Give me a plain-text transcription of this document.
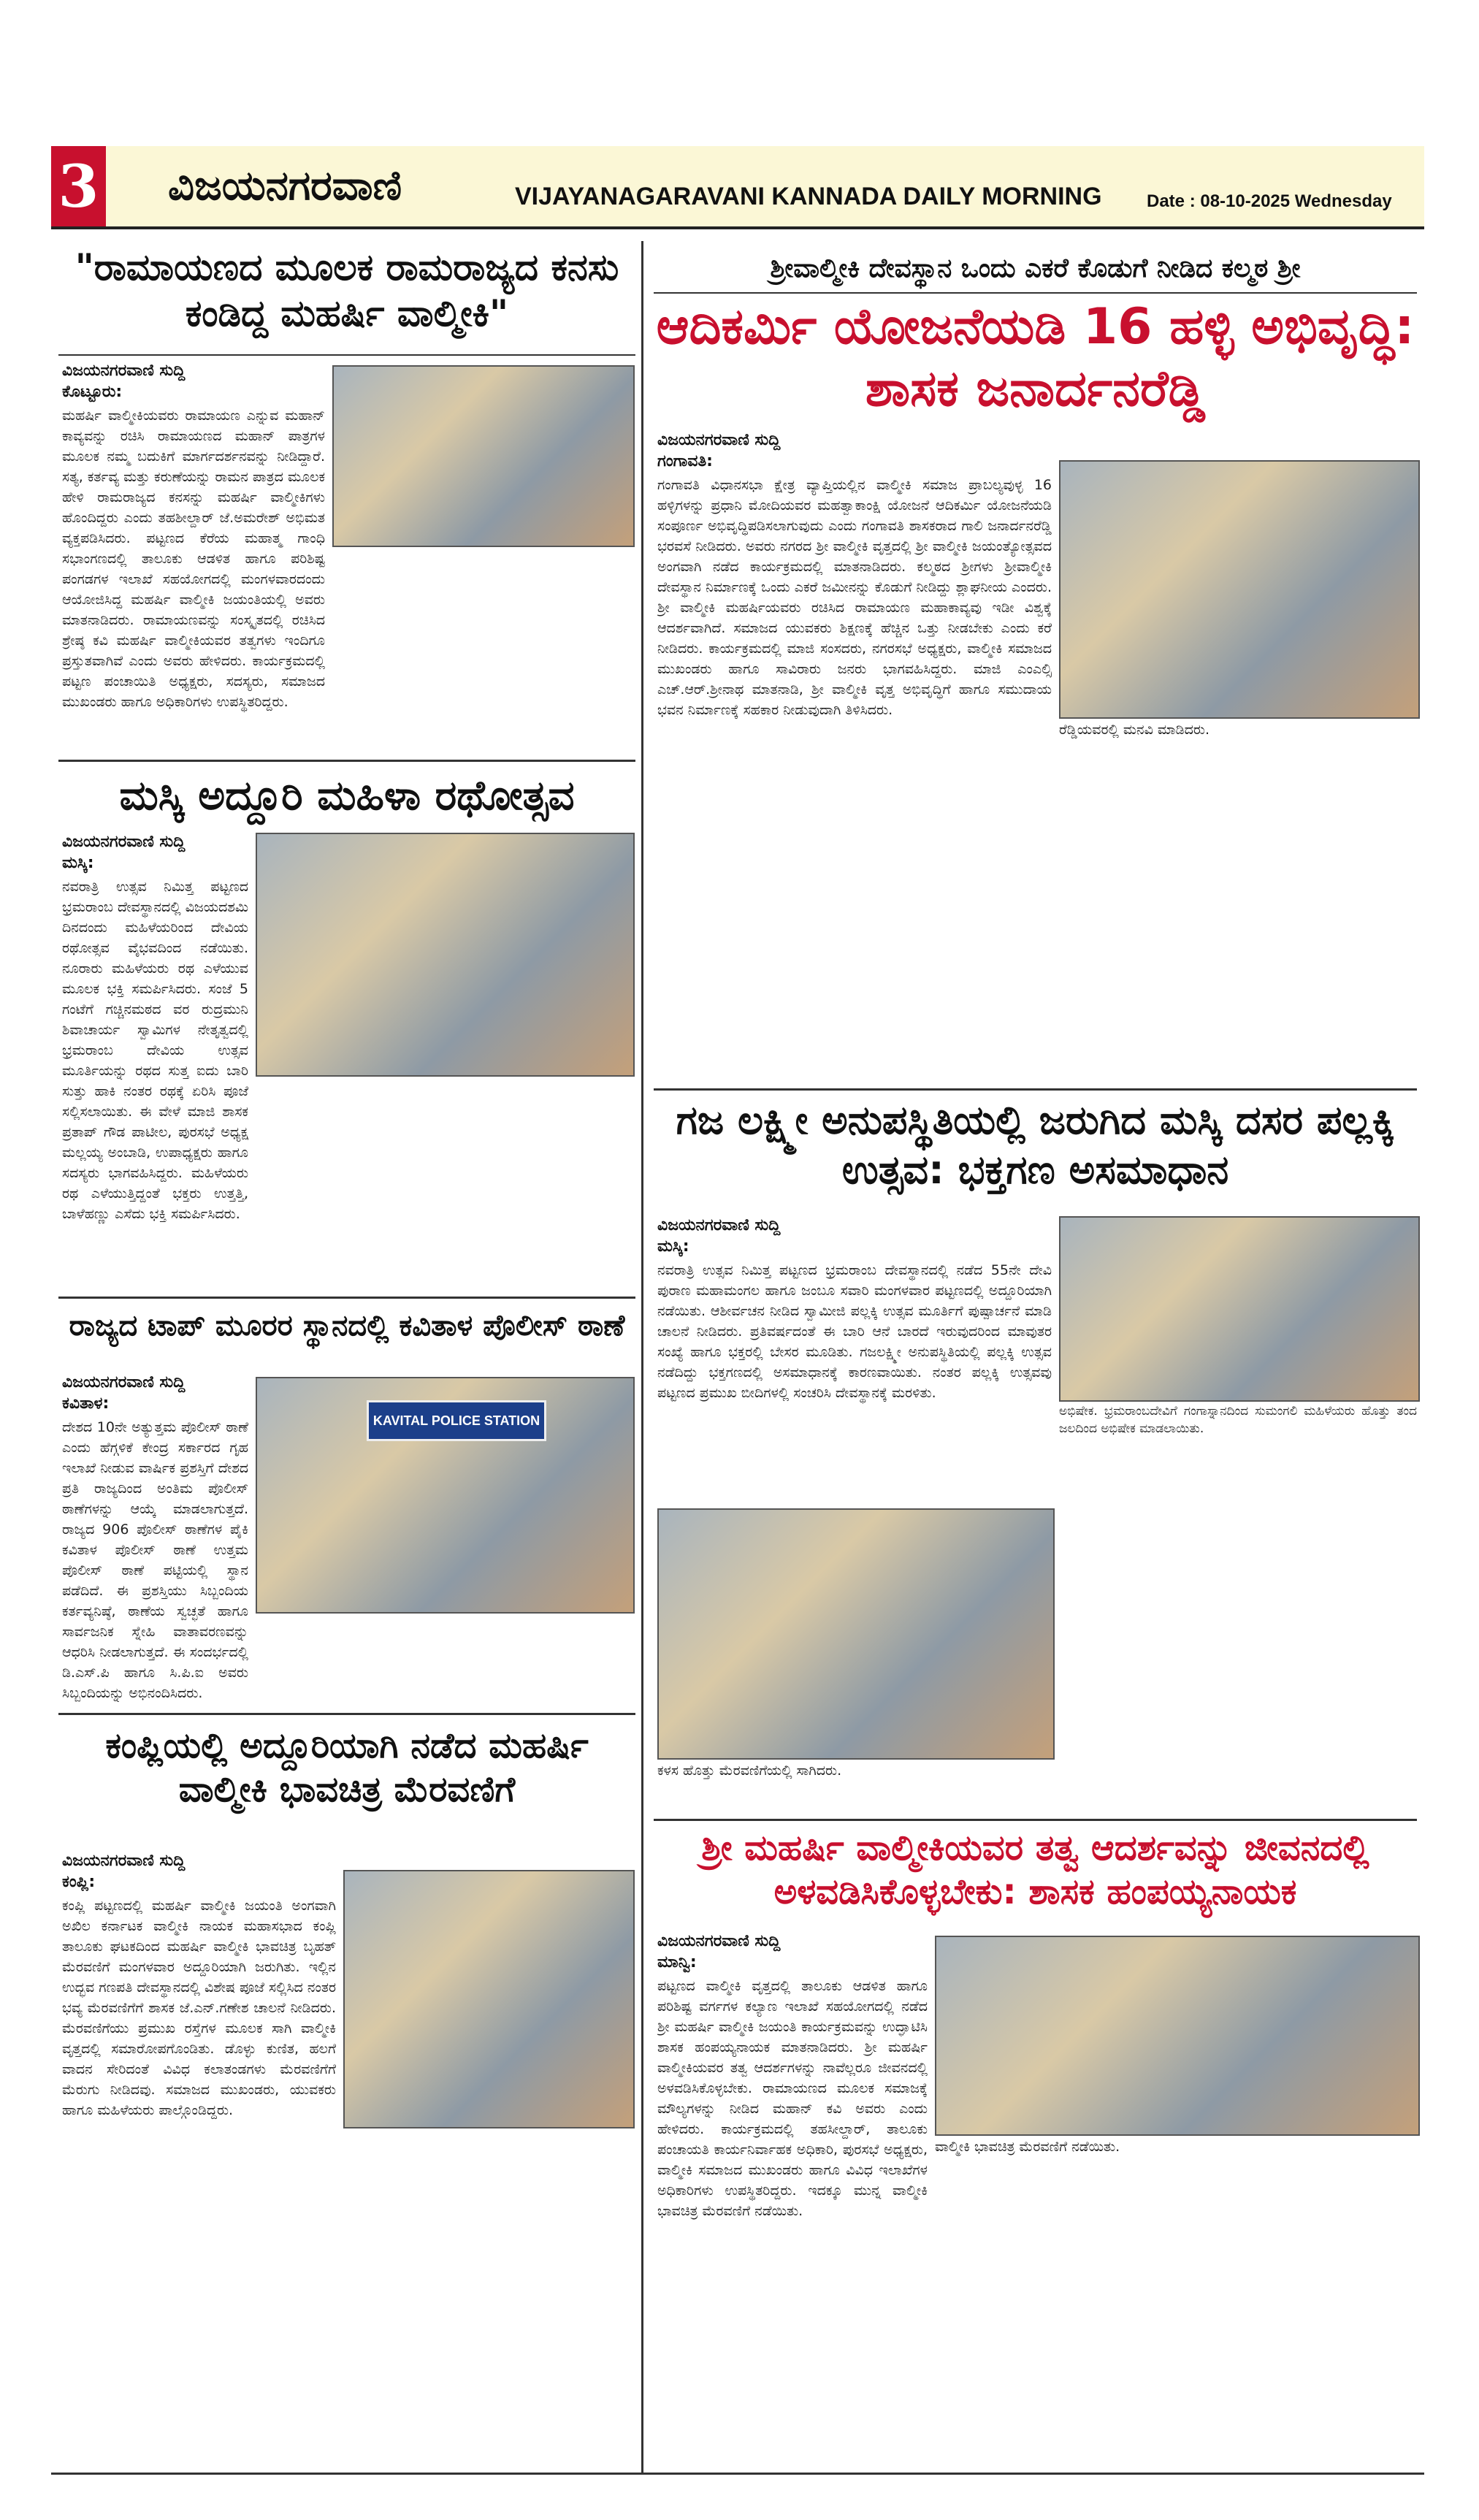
3 ವಿಜಯನಗರವಾಣಿ	VIJAYANAGARAVANI KANNADA DAILY MORNING	Date : 08-10-2025 Wednesday
"ರಾಮಾಯಣದ ಮೂಲಕ ರಾಮರಾಜ್ಯದ ಕನಸು ಕಂಡಿದ್ದ ಮಹರ್ಷಿ ವಾಲ್ಮೀಕಿ"
ವಿಜಯನಗರವಾಣಿ ಸುದ್ದಿ
ಕೊಟ್ಟೂರು:
ಮಹರ್ಷಿ ವಾಲ್ಮೀಕಿಯವರು ರಾಮಾಯಣ ಎನ್ನುವ ಮಹಾನ್ ಕಾವ್ಯವನ್ನು ರಚಿಸಿ ರಾಮಾಯಣದ ಮಹಾನ್ ಪಾತ್ರಗಳ ಮೂಲಕ ನಮ್ಮ ಬದುಕಿಗೆ ಮಾರ್ಗದರ್ಶನವನ್ನು ನೀಡಿದ್ದಾರೆ. ಸತ್ಯ, ಕರ್ತವ್ಯ ಮತ್ತು ಕರುಣೆಯನ್ನು ರಾಮನ ಪಾತ್ರದ ಮೂಲಕ ಹೇಳಿ ರಾಮರಾಜ್ಯದ ಕನಸನ್ನು ಮಹರ್ಷಿ ವಾಲ್ಮೀಕಿಗಳು ಹೊಂದಿದ್ದರು ಎಂದು ತಹಶೀಲ್ದಾರ್ ಜೆ.ಅಮರೇಶ್ ಅಭಿಮತ ವ್ಯಕ್ತಪಡಿಸಿದರು. ಪಟ್ಟಣದ ಕೆರೆಯ ಮಹಾತ್ಮ ಗಾಂಧಿ ಸಭಾಂಗಣದಲ್ಲಿ ತಾಲೂಕು ಆಡಳಿತ ಹಾಗೂ ಪರಿಶಿಷ್ಟ ಪಂಗಡಗಳ ಇಲಾಖೆ ಸಹಯೋಗದಲ್ಲಿ ಮಂಗಳವಾರದಂದು ಆಯೋಜಿಸಿದ್ದ ಮಹರ್ಷಿ ವಾಲ್ಮೀಕಿ ಜಯಂತಿಯಲ್ಲಿ ಅವರು ಮಾತನಾಡಿದರು. ರಾಮಾಯಣವನ್ನು ಸಂಸ್ಕೃತದಲ್ಲಿ ರಚಿಸಿದ ಶ್ರೇಷ್ಠ ಕವಿ ಮಹರ್ಷಿ ವಾಲ್ಮೀಕಿಯವರ ತತ್ವಗಳು ಇಂದಿಗೂ ಪ್ರಸ್ತುತವಾಗಿವೆ ಎಂದು ಅವರು ಹೇಳಿದರು. ಕಾರ್ಯಕ್ರಮದಲ್ಲಿ ಪಟ್ಟಣ ಪಂಚಾಯಿತಿ ಅಧ್ಯಕ್ಷರು, ಸದಸ್ಯರು, ಸಮಾಜದ ಮುಖಂಡರು ಹಾಗೂ ಅಧಿಕಾರಿಗಳು ಉಪಸ್ಥಿತರಿದ್ದರು.
ಮಸ್ಕಿ ಅದ್ದೂರಿ ಮಹಿಳಾ ರಥೋತ್ಸವ
ವಿಜಯನಗರವಾಣಿ ಸುದ್ದಿ
ಮಸ್ಕಿ:
ನವರಾತ್ರಿ ಉತ್ಸವ ನಿಮಿತ್ತ ಪಟ್ಟಣದ ಭ್ರಮರಾಂಬ ದೇವಸ್ಥಾನದಲ್ಲಿ ವಿಜಯದಶಮಿ ದಿನದಂದು ಮಹಿಳೆಯರಿಂದ ದೇವಿಯ ರಥೋತ್ಸವ ವೈಭವದಿಂದ ನಡೆಯಿತು. ನೂರಾರು ಮಹಿಳೆಯರು ರಥ ಎಳೆಯುವ ಮೂಲಕ ಭಕ್ತಿ ಸಮರ್ಪಿಸಿದರು. ಸಂಜೆ 5 ಗಂಟೆಗೆ ಗಚ್ಚಿನಮಠದ ವರ ರುದ್ರಮುನಿ ಶಿವಾಚಾರ್ಯ ಸ್ವಾಮಿಗಳ ನೇತೃತ್ವದಲ್ಲಿ ಭ್ರಮರಾಂಬ ದೇವಿಯ ಉತ್ಸವ ಮೂರ್ತಿಯನ್ನು ರಥದ ಸುತ್ತ ಐದು ಬಾರಿ ಸುತ್ತು ಹಾಕಿ ನಂತರ ರಥಕ್ಕೆ ಏರಿಸಿ ಪೂಜೆ ಸಲ್ಲಿಸಲಾಯಿತು. ಈ ವೇಳೆ ಮಾಜಿ ಶಾಸಕ ಪ್ರತಾಪ್ ಗೌಡ ಪಾಟೀಲ, ಪುರಸಭೆ ಅಧ್ಯಕ್ಷ ಮಲ್ಲಯ್ಯ ಅಂಬಾಡಿ, ಉಪಾಧ್ಯಕ್ಷರು ಹಾಗೂ ಸದಸ್ಯರು ಭಾಗವಹಿಸಿದ್ದರು. ಮಹಿಳೆಯರು ರಥ ಎಳೆಯುತ್ತಿದ್ದಂತೆ ಭಕ್ತರು ಉತ್ತತ್ತಿ, ಬಾಳೆಹಣ್ಣು ಎಸೆದು ಭಕ್ತಿ ಸಮರ್ಪಿಸಿದರು.
ರಾಜ್ಯದ ಟಾಪ್ ಮೂರರ ಸ್ಥಾನದಲ್ಲಿ ಕವಿತಾಳ ಪೊಲೀಸ್ ಠಾಣೆ
ವಿಜಯನಗರವಾಣಿ ಸುದ್ದಿ
ಕವಿತಾಳ:
KAVITAL POLICE STATION
ದೇಶದ 10ನೇ ಅತ್ಯುತ್ತಮ ಪೊಲೀಸ್ ಠಾಣೆ ಎಂದು ಹೆಗ್ಗಳಿಕೆ ಕೇಂದ್ರ ಸರ್ಕಾರದ ಗೃಹ ಇಲಾಖೆ ನೀಡುವ ವಾರ್ಷಿಕ ಪ್ರಶಸ್ತಿಗೆ ದೇಶದ ಪ್ರತಿ ರಾಜ್ಯದಿಂದ ಅಂತಿಮ ಪೊಲೀಸ್ ಠಾಣೆಗಳನ್ನು ಆಯ್ಕೆ ಮಾಡಲಾಗುತ್ತದೆ. ರಾಜ್ಯದ 906 ಪೊಲೀಸ್ ಠಾಣೆಗಳ ಪೈಕಿ ಕವಿತಾಳ ಪೊಲೀಸ್ ಠಾಣೆ ಉತ್ತಮ ಪೊಲೀಸ್ ಠಾಣೆ ಪಟ್ಟಿಯಲ್ಲಿ ಸ್ಥಾನ ಪಡೆದಿದೆ. ಈ ಪ್ರಶಸ್ತಿಯು ಸಿಬ್ಬಂದಿಯ ಕರ್ತವ್ಯನಿಷ್ಠೆ, ಠಾಣೆಯ ಸ್ವಚ್ಛತೆ ಹಾಗೂ ಸಾರ್ವಜನಿಕ ಸ್ನೇಹಿ ವಾತಾವರಣವನ್ನು ಆಧರಿಸಿ ನೀಡಲಾಗುತ್ತದೆ. ಈ ಸಂದರ್ಭದಲ್ಲಿ ಡಿ.ಎಸ್.ಪಿ ಹಾಗೂ ಸಿ.ಪಿ.ಐ ಅವರು ಸಿಬ್ಬಂದಿಯನ್ನು ಅಭಿನಂದಿಸಿದರು.
ಕಂಪ್ಲಿಯಲ್ಲಿ ಅದ್ದೂರಿಯಾಗಿ ನಡೆದ ಮಹರ್ಷಿ ವಾಲ್ಮೀಕಿ ಭಾವಚಿತ್ರ ಮೆರವಣಿಗೆ
ವಿಜಯನಗರವಾಣಿ ಸುದ್ದಿ
ಕಂಪ್ಲಿ:
ಕಂಪ್ಲಿ ಪಟ್ಟಣದಲ್ಲಿ ಮಹರ್ಷಿ ವಾಲ್ಮೀಕಿ ಜಯಂತಿ ಅಂಗವಾಗಿ ಅಖಿಲ ಕರ್ನಾಟಕ ವಾಲ್ಮೀಕಿ ನಾಯಕ ಮಹಾಸಭಾದ ಕಂಪ್ಲಿ ತಾಲೂಕು ಘಟಕದಿಂದ ಮಹರ್ಷಿ ವಾಲ್ಮೀಕಿ ಭಾವಚಿತ್ರ ಬೃಹತ್ ಮೆರವಣಿಗೆ ಮಂಗಳವಾರ ಅದ್ದೂರಿಯಾಗಿ ಜರುಗಿತು. ಇಲ್ಲಿನ ಉದ್ಭವ ಗಣಪತಿ ದೇವಸ್ಥಾನದಲ್ಲಿ ವಿಶೇಷ ಪೂಜೆ ಸಲ್ಲಿಸಿದ ನಂತರ ಭವ್ಯ ಮೆರವಣಿಗೆಗೆ ಶಾಸಕ ಜೆ.ಎನ್.ಗಣೇಶ ಚಾಲನೆ ನೀಡಿದರು. ಮೆರವಣಿಗೆಯು ಪ್ರಮುಖ ರಸ್ತೆಗಳ ಮೂಲಕ ಸಾಗಿ ವಾಲ್ಮೀಕಿ ವೃತ್ತದಲ್ಲಿ ಸಮಾರೋಪಗೊಂಡಿತು. ಡೊಳ್ಳು ಕುಣಿತ, ಹಲಗೆ ವಾದನ ಸೇರಿದಂತೆ ವಿವಿಧ ಕಲಾತಂಡಗಳು ಮೆರವಣಿಗೆಗೆ ಮೆರುಗು ನೀಡಿದವು. ಸಮಾಜದ ಮುಖಂಡರು, ಯುವಕರು ಹಾಗೂ ಮಹಿಳೆಯರು ಪಾಲ್ಗೊಂಡಿದ್ದರು.
ಶ್ರೀವಾಲ್ಮೀಕಿ ದೇವಸ್ಥಾನ ಒಂದು ಎಕರೆ ಕೊಡುಗೆ ನೀಡಿದ ಕಲ್ಮಠ ಶ್ರೀ
ಆದಿಕರ್ಮಿ ಯೋಜನೆಯಡಿ 16 ಹಳ್ಳಿ ಅಭಿವೃದ್ಧಿ: ಶಾಸಕ ಜನಾರ್ದನರೆಡ್ಡಿ
ವಿಜಯನಗರವಾಣಿ ಸುದ್ದಿ
ಗಂಗಾವತಿ:
ರೆಡ್ಡಿಯವರಲ್ಲಿ ಮನವಿ ಮಾಡಿದರು.
ಗಂಗಾವತಿ ವಿಧಾನಸಭಾ ಕ್ಷೇತ್ರ ವ್ಯಾಪ್ತಿಯಲ್ಲಿನ ವಾಲ್ಮೀಕಿ ಸಮಾಜ ಪ್ರಾಬಲ್ಯವುಳ್ಳ 16 ಹಳ್ಳಿಗಳನ್ನು ಪ್ರಧಾನಿ ಮೋದಿಯವರ ಮಹತ್ವಾಕಾಂಕ್ಷಿ ಯೋಜನೆ ಆದಿಕರ್ಮಿ ಯೋಜನೆಯಡಿ ಸಂಪೂರ್ಣ ಅಭಿವೃದ್ಧಿಪಡಿಸಲಾಗುವುದು ಎಂದು ಗಂಗಾವತಿ ಶಾಸಕರಾದ ಗಾಲಿ ಜನಾರ್ದನರೆಡ್ಡಿ ಭರವಸೆ ನೀಡಿದರು. ಅವರು ನಗರದ ಶ್ರೀ ವಾಲ್ಮೀಕಿ ವೃತ್ತದಲ್ಲಿ ಶ್ರೀ ವಾಲ್ಮೀಕಿ ಜಯಂತ್ಯೋತ್ಸವದ ಅಂಗವಾಗಿ ನಡೆದ ಕಾರ್ಯಕ್ರಮದಲ್ಲಿ ಮಾತನಾಡಿದರು. ಕಲ್ಮಠದ ಶ್ರೀಗಳು ಶ್ರೀವಾಲ್ಮೀಕಿ ದೇವಸ್ಥಾನ ನಿರ್ಮಾಣಕ್ಕೆ ಒಂದು ಎಕರೆ ಜಮೀನನ್ನು ಕೊಡುಗೆ ನೀಡಿದ್ದು ಶ್ಲಾಘನೀಯ ಎಂದರು. ಶ್ರೀ ವಾಲ್ಮೀಕಿ ಮಹರ್ಷಿಯವರು ರಚಿಸಿದ ರಾಮಾಯಣ ಮಹಾಕಾವ್ಯವು ಇಡೀ ವಿಶ್ವಕ್ಕೆ ಆದರ್ಶವಾಗಿದೆ. ಸಮಾಜದ ಯುವಕರು ಶಿಕ್ಷಣಕ್ಕೆ ಹೆಚ್ಚಿನ ಒತ್ತು ನೀಡಬೇಕು ಎಂದು ಕರೆ ನೀಡಿದರು. ಕಾರ್ಯಕ್ರಮದಲ್ಲಿ ಮಾಜಿ ಸಂಸದರು, ನಗರಸಭೆ ಅಧ್ಯಕ್ಷರು, ವಾಲ್ಮೀಕಿ ಸಮಾಜದ ಮುಖಂಡರು ಹಾಗೂ ಸಾವಿರಾರು ಜನರು ಭಾಗವಹಿಸಿದ್ದರು. ಮಾಜಿ ಎಂಎಲ್ಸಿ ಎಚ್.ಆರ್.ಶ್ರೀನಾಥ ಮಾತನಾಡಿ, ಶ್ರೀ ವಾಲ್ಮೀಕಿ ವೃತ್ತ ಅಭಿವೃದ್ಧಿಗೆ ಹಾಗೂ ಸಮುದಾಯ ಭವನ ನಿರ್ಮಾಣಕ್ಕೆ ಸಹಕಾರ ನೀಡುವುದಾಗಿ ತಿಳಿಸಿದರು.
ಗಜ ಲಕ್ಷ್ಮೀ ಅನುಪಸ್ಥಿತಿಯಲ್ಲಿ ಜರುಗಿದ ಮಸ್ಕಿ ದಸರ ಪಲ್ಲಕ್ಕಿ ಉತ್ಸವ: ಭಕ್ತಗಣ ಅಸಮಾಧಾನ
ವಿಜಯನಗರವಾಣಿ ಸುದ್ದಿ
ಮಸ್ಕಿ:
ಅಭಿಷೇಕ. ಭ್ರಮರಾಂಬದೇವಿಗೆ ಗಂಗಾಸ್ನಾನದಿಂದ ಸುಮಂಗಲಿ ಮಹಿಳೆಯರು ಹೊತ್ತು ತಂದ ಜಲದಿಂದ ಅಭಿಷೇಕ ಮಾಡಲಾಯಿತು.
ನವರಾತ್ರಿ ಉತ್ಸವ ನಿಮಿತ್ತ ಪಟ್ಟಣದ ಭ್ರಮರಾಂಬ ದೇವಸ್ಥಾನದಲ್ಲಿ ನಡೆದ 55ನೇ ದೇವಿ ಪುರಾಣ ಮಹಾಮಂಗಲ ಹಾಗೂ ಜಂಬೂ ಸವಾರಿ ಮಂಗಳವಾರ ಪಟ್ಟಣದಲ್ಲಿ ಅದ್ದೂರಿಯಾಗಿ ನಡೆಯಿತು. ಆಶೀರ್ವಚನ ನೀಡಿದ ಸ್ವಾಮೀಜಿ ಪಲ್ಲಕ್ಕಿ ಉತ್ಸವ ಮೂರ್ತಿಗೆ ಪುಷ್ಪಾರ್ಚನೆ ಮಾಡಿ ಚಾಲನೆ ನೀಡಿದರು. ಪ್ರತಿವರ್ಷದಂತೆ ಈ ಬಾರಿ ಆನೆ ಬಾರದೆ ಇರುವುದರಿಂದ ಮಾವುತರ ಸಂಖ್ಯೆ ಹಾಗೂ ಭಕ್ತರಲ್ಲಿ ಬೇಸರ ಮೂಡಿತು. ಗಜಲಕ್ಷ್ಮೀ ಅನುಪಸ್ಥಿತಿಯಲ್ಲಿ ಪಲ್ಲಕ್ಕಿ ಉತ್ಸವ ನಡೆದಿದ್ದು ಭಕ್ತಗಣದಲ್ಲಿ ಅಸಮಾಧಾನಕ್ಕೆ ಕಾರಣವಾಯಿತು. ನಂತರ ಪಲ್ಲಕ್ಕಿ ಉತ್ಸವವು ಪಟ್ಟಣದ ಪ್ರಮುಖ ಬೀದಿಗಳಲ್ಲಿ ಸಂಚರಿಸಿ ದೇವಸ್ಥಾನಕ್ಕೆ ಮರಳಿತು.
ಕಳಸ ಹೊತ್ತು ಮೆರವಣಿಗೆಯಲ್ಲಿ ಸಾಗಿದರು.
ಶ್ರೀ ಮಹರ್ಷಿ ವಾಲ್ಮೀಕಿಯವರ ತತ್ವ ಆದರ್ಶವನ್ನು ಜೀವನದಲ್ಲಿ ಅಳವಡಿಸಿಕೊಳ್ಳಬೇಕು: ಶಾಸಕ ಹಂಪಯ್ಯನಾಯಕ
ವಿಜಯನಗರವಾಣಿ ಸುದ್ದಿ
ಮಾನ್ವಿ:
ವಾಲ್ಮೀಕಿ ಭಾವಚಿತ್ರ ಮೆರವಣಿಗೆ ನಡೆಯಿತು.
ಪಟ್ಟಣದ ವಾಲ್ಮೀಕಿ ವೃತ್ತದಲ್ಲಿ ತಾಲೂಕು ಆಡಳಿತ ಹಾಗೂ ಪರಿಶಿಷ್ಟ ವರ್ಗಗಳ ಕಲ್ಯಾಣ ಇಲಾಖೆ ಸಹಯೋಗದಲ್ಲಿ ನಡೆದ ಶ್ರೀ ಮಹರ್ಷಿ ವಾಲ್ಮೀಕಿ ಜಯಂತಿ ಕಾರ್ಯಕ್ರಮವನ್ನು ಉದ್ಘಾಟಿಸಿ ಶಾಸಕ ಹಂಪಯ್ಯನಾಯಕ ಮಾತನಾಡಿದರು. ಶ್ರೀ ಮಹರ್ಷಿ ವಾಲ್ಮೀಕಿಯವರ ತತ್ವ ಆದರ್ಶಗಳನ್ನು ನಾವೆಲ್ಲರೂ ಜೀವನದಲ್ಲಿ ಅಳವಡಿಸಿಕೊಳ್ಳಬೇಕು. ರಾಮಾಯಣದ ಮೂಲಕ ಸಮಾಜಕ್ಕೆ ಮೌಲ್ಯಗಳನ್ನು ನೀಡಿದ ಮಹಾನ್ ಕವಿ ಅವರು ಎಂದು ಹೇಳಿದರು. ಕಾರ್ಯಕ್ರಮದಲ್ಲಿ ತಹಸೀಲ್ದಾರ್, ತಾಲೂಕು ಪಂಚಾಯತಿ ಕಾರ್ಯನಿರ್ವಾಹಕ ಅಧಿಕಾರಿ, ಪುರಸಭೆ ಅಧ್ಯಕ್ಷರು, ವಾಲ್ಮೀಕಿ ಸಮಾಜದ ಮುಖಂಡರು ಹಾಗೂ ವಿವಿಧ ಇಲಾಖೆಗಳ ಅಧಿಕಾರಿಗಳು ಉಪಸ್ಥಿತರಿದ್ದರು. ಇದಕ್ಕೂ ಮುನ್ನ ವಾಲ್ಮೀಕಿ ಭಾವಚಿತ್ರ ಮೆರವಣಿಗೆ ನಡೆಯಿತು.
